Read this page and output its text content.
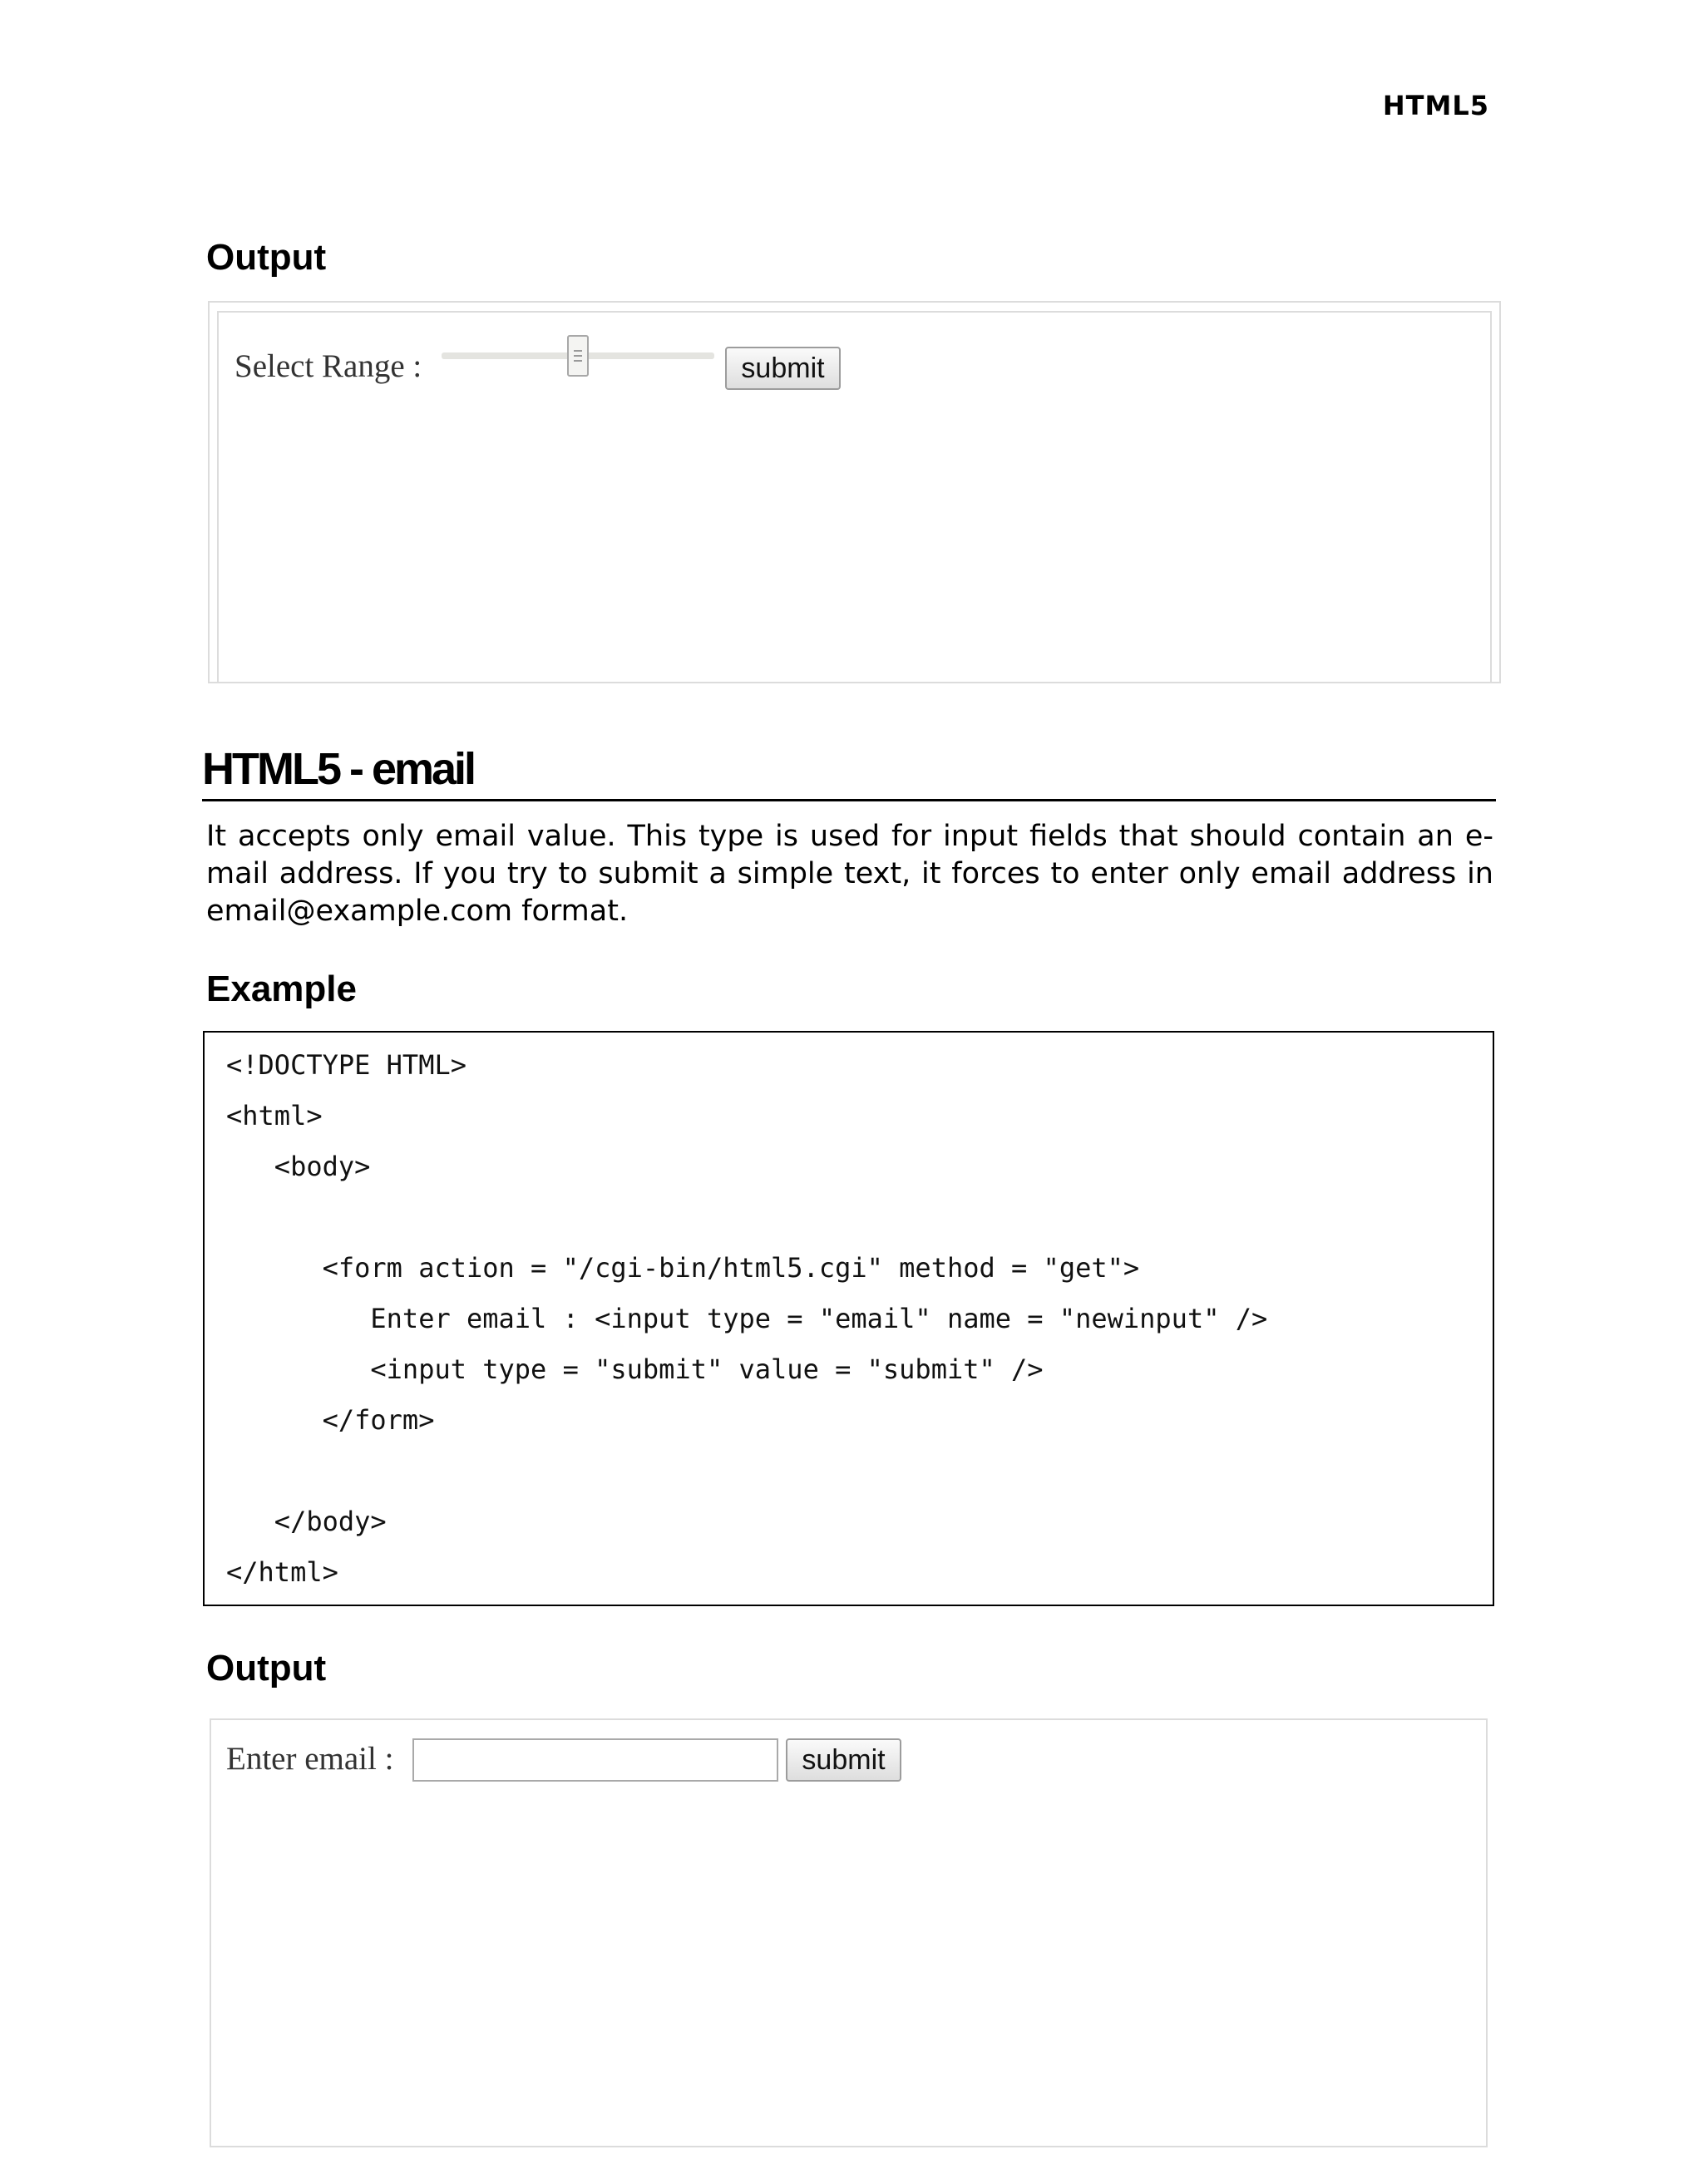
HTML5
Output
Select Range :	submit
HTML5 - email

It accepts only email value. This type is used for input fields that should contain an e-mail address. If you try to submit a simple text, it forces to enter only email address in email@example.com format.

Example
<!DOCTYPE HTML>
<html>
<body>
<form action = "/cgi-bin/html5.cgi" method = "get">
Enter email : <input type = "email" name = "newinput" />
<input type = "submit" value = "submit" />
</form>
</body>
</html>
Output
Enter email :	submit
